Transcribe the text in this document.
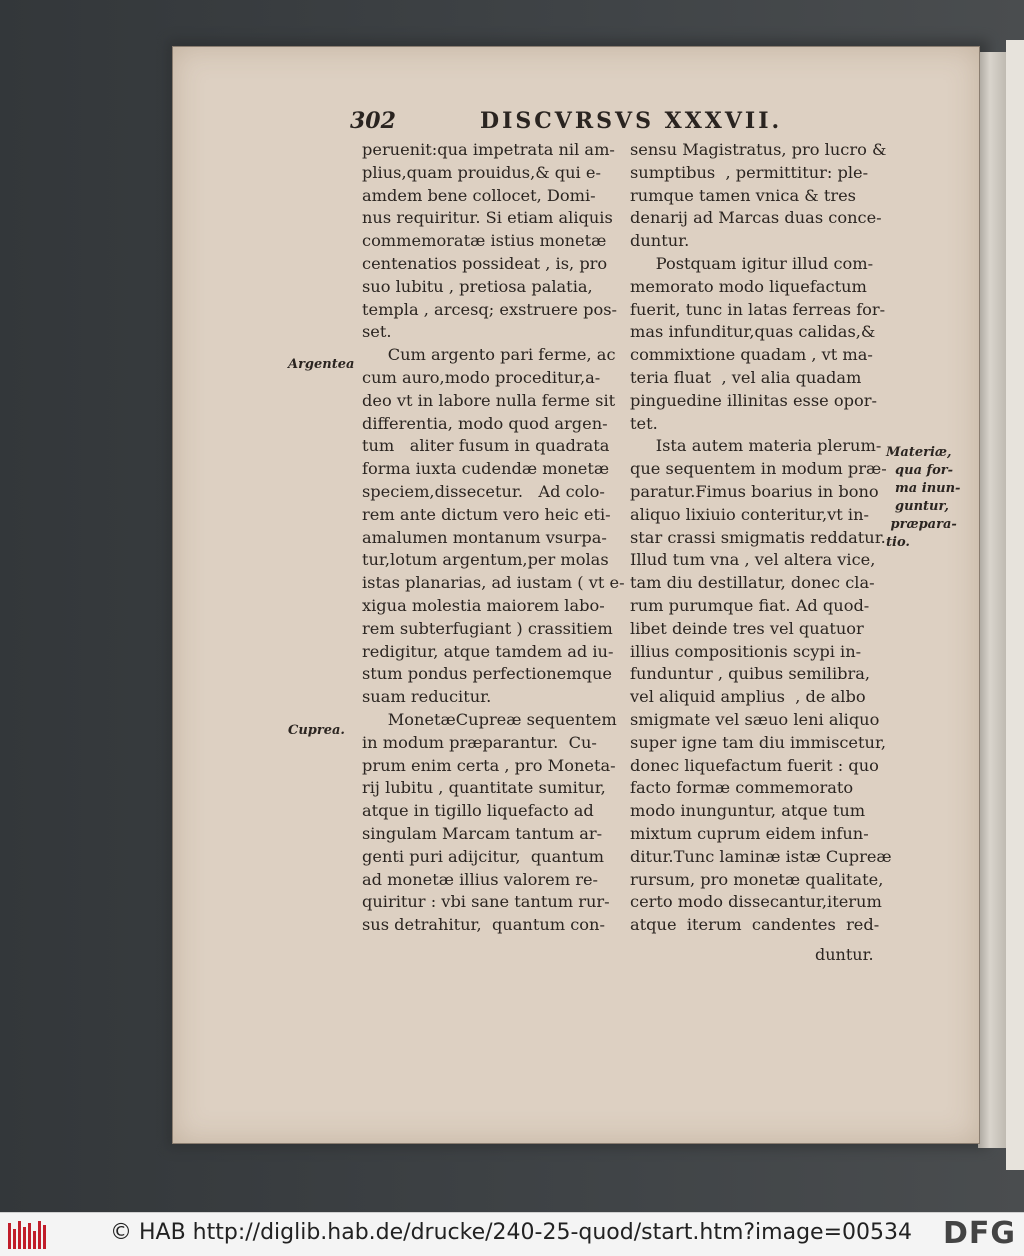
302	DISCVRSVS XXXVII.
peruenit:qua impetrata nil am-
plius,quam prouidus,& qui e-
amdem bene collocet, Domi-
nus requiritur. Si etiam aliquis
commemoratæ istius monetæ
centenatios possideat , is, pro
suo lubitu , pretiosa palatia,
templa , arcesq; exstruere pos-
set.
Cum argento pari ferme, ac
cum auro,modo proceditur,a-
deo vt in labore nulla ferme sit
differentia, modo quod argen-
tum   aliter fusum in quadrata
forma iuxta cudendæ monetæ
speciem,dissecetur.   Ad colo-
rem ante dictum vero heic eti-
amalumen montanum vsurpa-
tur,lotum argentum,per molas
istas planarias, ad iustam ( vt e-
xigua molestia maiorem labo-
rem subterfugiant ) crassitiem
redigitur, atque tamdem ad iu-
stum pondus perfectionemque
suam reducitur.
MonetæCupreæ sequentem
in modum præparantur.  Cu-
prum enim certa , pro Moneta-
rij lubitu , quantitate sumitur,
atque in tigillo liquefacto ad
singulam Marcam tantum ar-
genti puri adijcitur,  quantum
ad monetæ illius valorem re-
quiritur : vbi sane tantum rur-
sus detrahitur,  quantum con-
sensu Magistratus, pro lucro &
sumptibus  , permittitur: ple-
rumque tamen vnica & tres
denarij ad Marcas duas conce-
duntur.
Postquam igitur illud com-
memorato modo liquefactum
fuerit, tunc in latas ferreas for-
mas infunditur,quas calidas,&
commixtione quadam , vt ma-
teria fluat  , vel alia quadam
pinguedine illinitas esse opor-
tet.
Ista autem materia plerum-
que sequentem in modum præ-
paratur.Fimus boarius in bono
aliquo lixiuio conteritur,vt in-
star crassi smigmatis reddatur.
Illud tum vna , vel altera vice,
tam diu destillatur, donec cla-
rum purumque fiat. Ad quod-
libet deinde tres vel quatuor
illius compositionis scypi in-
funduntur , quibus semilibra,
vel aliquid amplius  , de albo
smigmate vel sæuo leni aliquo
super igne tam diu immiscetur,
donec liquefactum fuerit : quo
facto formæ commemorato
modo inunguntur, atque tum
mixtum cuprum eidem infun-
ditur.Tunc laminæ istæ Cupreæ
rursum, pro monetæ qualitate,
certo modo dissecantur,iterum
atque  iterum  candentes  red-
Argentea
Cuprea.
Materiæ,
qua for-
ma inun-
guntur,
præpara-
tio.
duntur.
© HAB http://diglib.hab.de/drucke/240-25-quod/start.htm?image=00534 DFG
